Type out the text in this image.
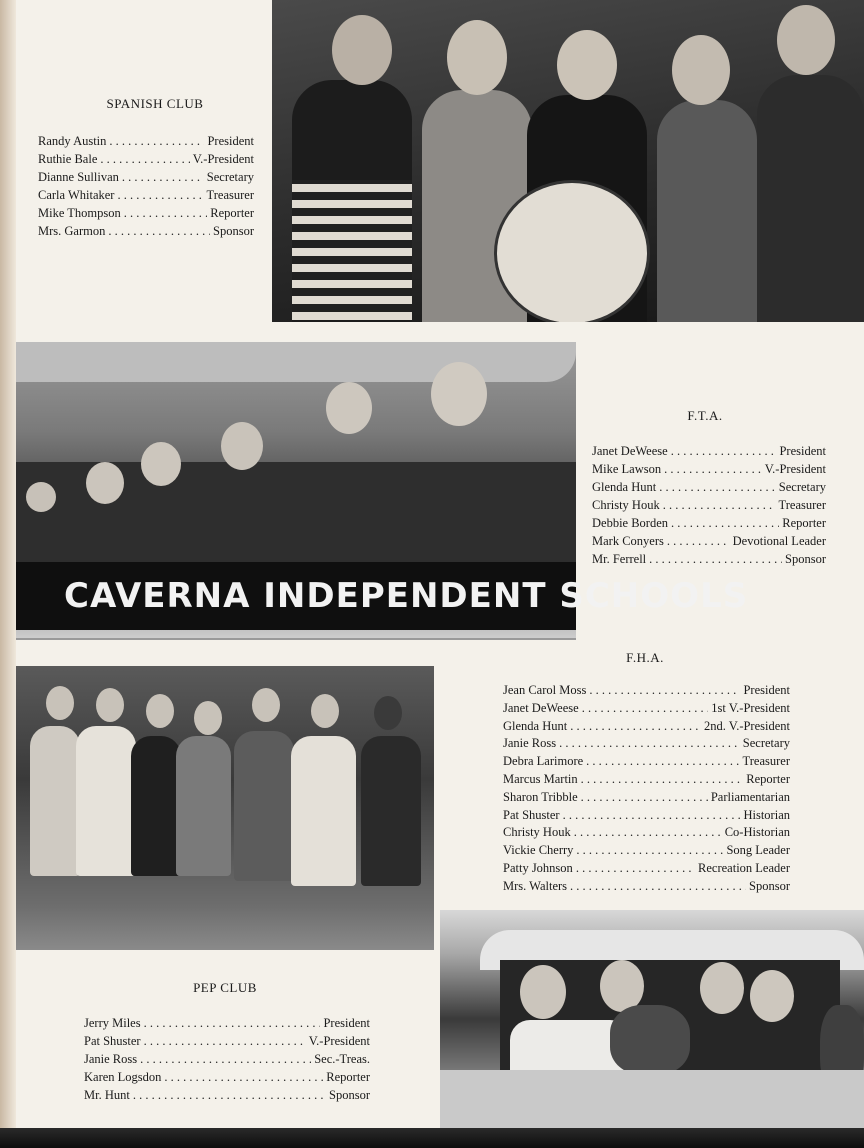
SPANISH CLUB
Randy Austin . . .	President
Ruthie Bale . . .	V.-President
Dianne Sullivan . . .	Secretary
Carla Whitaker . . .	Treasurer
Mike Thompson . . .	Reporter
Mrs. Garmon . . .	Sponsor
CAVERNA INDEPENDENT SCHOOLS
F.T.A.
Janet DeWeese . . .	President
Mike Lawson . . .	V.-President
Glenda Hunt . . .	Secretary
Christy Houk . . .	Treasurer
Debbie Borden . . .	Reporter
Mark Conyers . . .	Devotional Leader
Mr. Ferrell . . .	Sponsor
F.H.A.
Jean Carol Moss . . .	President
Janet DeWeese . . .	1st V.-President
Glenda Hunt . . .	2nd. V.-President
Janie Ross . . .	Secretary
Debra Larimore . . .	Treasurer
Marcus Martin . . .	Reporter
Sharon Tribble . . .	Parliamentarian
Pat Shuster . . .	Historian
Christy Houk . . .	Co-Historian
Vickie Cherry . . .	Song Leader
Patty Johnson . . .	Recreation Leader
Mrs. Walters . . .	Sponsor
PEP CLUB
Jerry Miles . . .	President
Pat Shuster . . .	V.-President
Janie Ross . . .	Sec.-Treas.
Karen Logsdon . . .	Reporter
Mr. Hunt . . .	Sponsor
